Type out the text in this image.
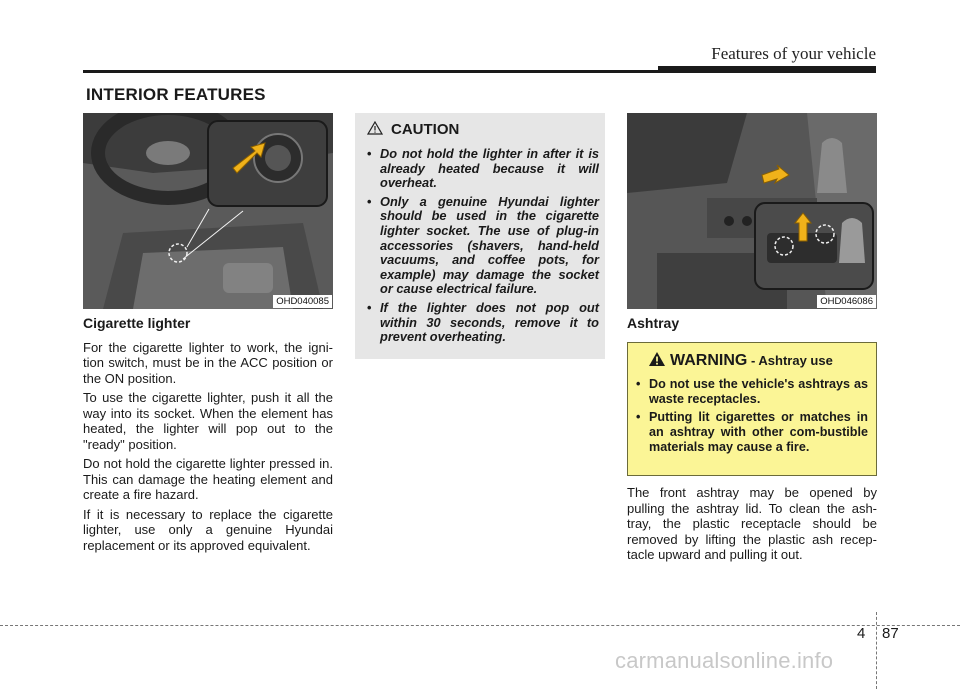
Features of your vehicle
INTERIOR FEATURES
OHD040085
Cigarette lighter

For the cigarette lighter to work, the igni-tion switch, must be in the ACC position or the ON position.

To use the cigarette lighter, push it all the way into its socket. When the element has heated, the lighter will pop out to the "ready" position.

Do not hold the cigarette lighter pressed in. This can damage the heating element and create a fire hazard.

If it is necessary to replace the cigarette lighter, use only a genuine Hyundai replacement or its approved equivalent.

CAUTION
• Do not hold the lighter in after it is already heated because it will overheat.
• Only a genuine Hyundai lighter should be used in the cigarette lighter socket. The use of plug-in accessories (shavers, hand-held vacuums, and coffee pots, for example) may damage the socket or cause electrical failure.
• If the lighter does not pop out within 30 seconds, remove it to prevent overheating.
OHD046086
Ashtray
WARNING - Ashtray use
• Do not use the vehicle's ashtrays as waste receptacles.
• Putting lit cigarettes or matches in an ashtray with other com-bustible materials may cause a fire.

The front ashtray may be opened by pulling the ashtray lid. To clean the ash-tray, the plastic receptacle should be removed by lifting the plastic ash recep-tacle upward and pulling it out.

4 87
carmanualsonline.info
